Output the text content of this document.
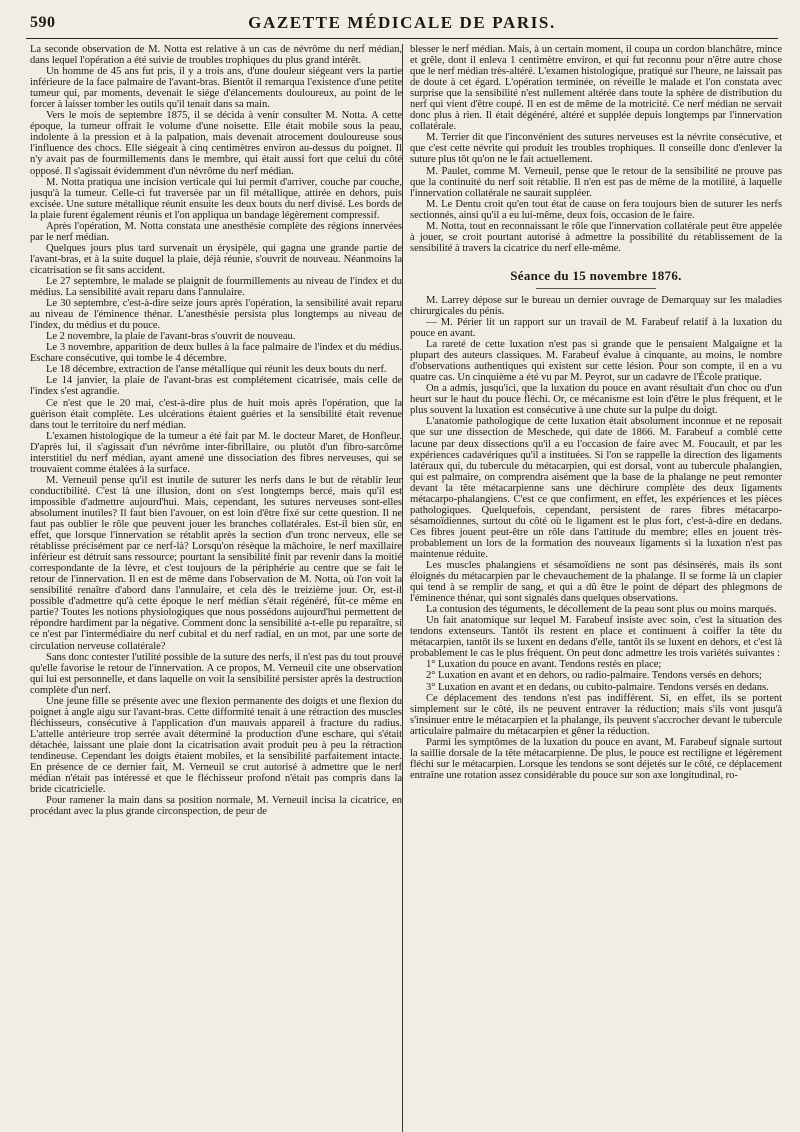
590	GAZETTE MÉDICALE DE PARIS.

La seconde observation de M. Notta est relative à un cas de névrôme du nerf médian, dans lequel l'opération a été suivie de troubles trophiques du plus grand intérêt.

Un homme de 45 ans fut pris, il y a trois ans, d'une douleur siégeant vers la partie inférieure de la face palmaire de l'avant-bras. Bientôt il remarqua l'existence d'une petite tumeur qui, par moments, devenait le siége d'élancements douloureux, au point de le forcer à laisser tomber les outils qu'il tenait dans sa main.

Vers le mois de septembre 1875, il se décida à venir consulter M. Notta. A cette époque, la tumeur offrait le volume d'une noisette. Elle était mobile sous la peau, indolente à la pression et à la palpation, mais devenait atrocement douloureuse sous l'influence des chocs. Elle siégeait à cinq centimètres environ au-dessus du poignet. Il n'y avait pas de fourmillements dans le membre, qui était aussi fort que celui du côté opposé. Il s'agissait évidemment d'un névrôme du nerf médian.

M. Notta pratiqua une incision verticale qui lui permit d'arriver, couche par couche, jusqu'à la tumeur. Celle-ci fut traversée par un fil métallique, attirée en dehors, puis excisée. Une suture métallique réunit ensuite les deux bouts du nerf divisé. Les bords de la plaie furent également réunis et l'on appliqua un bandage légèrement compressif.

Après l'opération, M. Notta constata une anesthésie complète des régions innervées par le nerf médian.

Quelques jours plus tard survenait un érysipèle, qui gagna une grande partie de l'avant-bras, et à la suite duquel la plaie, déjà réunie, s'ouvrit de nouveau. Néanmoins la cicatrisation se fit sans accident.

Le 27 septembre, le malade se plaignit de fourmillements au niveau de l'index et du médius. La sensibilité avait reparu dans l'annulaire.

Le 30 septembre, c'est-à-dire seize jours après l'opération, la sensibilité avait reparu au niveau de l'éminence thénar. L'anesthésie persista plus longtemps au niveau de l'index, du médius et du pouce.

Le 2 novembre, la plaie de l'avant-bras s'ouvrit de nouveau.

Le 3 novembre, apparition de deux bulles à la face palmaire de l'index et du médius. Eschare consécutive, qui tombe le 4 décembre.

Le 18 décembre, extraction de l'anse métallique qui réunit les deux bouts du nerf.

Le 14 janvier, la plaie de l'avant-bras est complétement cicatrisée, mais celle de l'index s'est agrandie.

Ce n'est que le 20 mai, c'est-à-dire plus de huit mois après l'opération, que la guérison était complète. Les ulcérations étaient guéries et la sensibilité était revenue dans tout le territoire du nerf médian.

L'examen histologique de la tumeur a été fait par M. le docteur Maret, de Honfleur. D'après lui, il s'agissait d'un névrôme inter-fibrillaire, ou plutôt d'un fibro-sarcôme interstitiel du nerf médian, ayant amené une dissociation des fibres nerveuses, qui se trouvaient comme étalées à la surface.

M. Verneuil pense qu'il est inutile de suturer les nerfs dans le but de rétablir leur conductibilité. C'est là une illusion, dont on s'est longtemps bercé, mais qu'il est impossible d'admettre aujourd'hui. Mais, cependant, les sutures nerveuses sont-elles absolument inutiles? Il faut bien l'avouer, on est loin d'être fixé sur cette question. Il ne faut pas oublier le rôle que peuvent jouer les branches collatérales. Est-il bien sûr, en effet, que lorsque l'innervation se rétablit après la section d'un tronc nerveux, elle se rétablisse précisément par ce nerf-là? Lorsqu'on résèque la mâchoire, le nerf maxillaire inférieur est détruit sans ressource; pourtant la sensibilité finit par revenir dans la moitié correspondante de la lèvre, et c'est toujours de la périphérie au centre que se fait le retour de l'innervation. Il en est de même dans l'observation de M. Notta, où l'on voit la sensibilité renaître d'abord dans l'annulaire, et cela dès le treizième jour. Or, est-il possible d'admettre qu'à cette époque le nerf médian s'était régénéré, fût-ce même en partie? Toutes les notions physiologiques que nous possédons aujourd'hui permettent de répondre hardiment par la négative. Comment donc la sensibilité a-t-elle pu reparaître, si ce n'est par l'intermédiaire du nerf cubital et du nerf radial, en un mot, par une sorte de circulation nerveuse collatérale?

Sans donc contester l'utilité possible de la suture des nerfs, il n'est pas du tout prouvé qu'elle favorise le retour de l'innervation. A ce propos, M. Verneuil cite une observation qui lui est personnelle, et dans laquelle on voit la sensibilité persister après la destruction complète d'un nerf.

Une jeune fille se présente avec une flexion permanente des doigts et une flexion du poignet à angle aigu sur l'avant-bras. Cette difformité tenait à une rétraction des muscles fléchisseurs, consécutive à l'application d'un mauvais appareil à fracture du radius. L'attelle antérieure trop serrée avait déterminé la production d'une eschare, qui s'était détachée, laissant une plaie dont la cicatrisation avait produit peu à peu la rétraction tendineuse. Cependant les doigts étaient mobiles, et la sensibilité parfaitement intacte. En présence de ce dernier fait, M. Verneuil se crut autorisé à admettre que le nerf médian n'était pas intéressé et que le fléchisseur profond n'était pas compris dans la bride cicatricielle.

Pour ramener la main dans sa position normale, M. Verneuil incisa la cicatrice, en procédant avec la plus grande circonspection, de peur de

blesser le nerf médian. Mais, à un certain moment, il coupa un cordon blanchâtre, mince et grêle, dont il enleva 1 centimètre environ, et qui fut reconnu pour n'être autre chose que le nerf médian très-altéré. L'examen histologique, pratiqué sur l'heure, ne laissait pas de doute à cet égard. L'opération terminée, on réveille le malade et l'on constata avec surprise que la sensibilité n'est nullement altérée dans toute la sphère de distribution du nerf qui vient d'être coupé. Il en est de même de la motricité. Ce nerf médian ne servait donc plus à rien. Il était dégénéré, altéré et supplée depuis longtemps par l'innervation collatérale.

M. Terrier dit que l'inconvénient des sutures nerveuses est la névrite consécutive, et que c'est cette névrite qui produit les troubles trophiques. Il conseille donc d'enlever la suture plus tôt qu'on ne le fait actuellement.

M. Paulet, comme M. Verneuil, pense que le retour de la sensibilité ne prouve pas que la continuité du nerf soit rétablie. Il n'en est pas de même de la motilité, à laquelle l'innervation collatérale ne saurait suppléer.

M. Le Dentu croit qu'en tout état de cause on fera toujours bien de suturer les nerfs sectionnés, ainsi qu'il a eu lui-même, deux fois, occasion de le faire.

M. Notta, tout en reconnaissant le rôle que l'innervation collatérale peut être appelée à jouer, se croit pourtant autorisé à admettre la possibilité du rétablissement de la sensibilité à travers la cicatrice du nerf elle-même.

Séance du 15 novembre 1876.

M. Larrey dépose sur le bureau un dernier ouvrage de Demarquay sur les maladies chirurgicales du pénis.

— M. Périer lit un rapport sur un travail de M. Farabeuf relatif à la luxation du pouce en avant.

La rareté de cette luxation n'est pas si grande que le pensaient Malgaigne et la plupart des auteurs classiques. M. Farabeuf évalue à cinquante, au moins, le nombre d'observations authentiques qui existent sur cette lésion. Pour son compte, il en a vu quatre cas. Un cinquième a été vu par M. Peyrot, sur un cadavre de l'École pratique.

On a admis, jusqu'ici, que la luxation du pouce en avant résultait d'un choc ou d'un heurt sur le haut du pouce fléchi. Or, ce mécanisme est loin d'être le plus fréquent, et le plus souvent la luxation est consécutive à une chute sur la pulpe du doigt.

L'anatomie pathologique de cette luxation était absolument inconnue et ne reposait que sur une dissection de Meschede, qui date de 1866. M. Farabeuf a comblé cette lacune par deux dissections qu'il a eu l'occasion de faire avec M. Foucault, et par les expériences cadavériques qu'il a instituées. Si l'on se rappelle la direction des ligaments latéraux qui, du tubercule du métacarpien, qui est dorsal, vont au tubercule phalangien, qui est palmaire, on comprendra aisément que la base de la phalange ne peut remonter devant la tête métacarpienne sans une déchirure complète des deux ligaments métacarpo-phalangiens. C'est ce que confirment, en effet, les expériences et les pièces pathologiques. Quelquefois, cependant, persistent de rares fibres métacarpo-sésamoïdiennes, surtout du côté où le ligament est le plus fort, c'est-à-dire en dedans. Ces fibres jouent peut-être un rôle dans l'attitude du membre; elles en jouent très-probablement un lors de la formation des nouveaux ligaments si la luxation n'est pas maintenue réduite.

Les muscles phalangiens et sésamoïdiens ne sont pas désinsérés, mais ils sont éloignés du métacarpien par le chevauchement de la phalange. Il se forme là un clapier qui tend à se remplir de sang, et qui a dû être le point de départ des phlegmons de l'éminence thénar, qui sont signalés dans quelques observations.

La contusion des téguments, le décollement de la peau sont plus ou moins marqués.

Un fait anatomique sur lequel M. Farabeuf insiste avec soin, c'est la situation des tendons extenseurs. Tantôt ils restent en place et continuent à coiffer la tête du métacarpien, tantôt ils se luxent en dedans d'elle, tantôt ils se luxent en dehors, et c'est là probablement le cas le plus fréquent. On peut donc admettre les trois variétés suivantes :

1° Luxation du pouce en avant. Tendons restés en place;

2° Luxation en avant et en dehors, ou radio-palmaire. Tendons versés en dehors;

3° Luxation en avant et en dedans, ou cubito-palmaire. Tendons versés en dedans.

Ce déplacement des tendons n'est pas indifférent. Si, en effet, ils se portent simplement sur le côté, ils ne peuvent entraver la réduction; mais s'ils vont jusqu'à s'insinuer entre le métacarpien et la phalange, ils peuvent s'accrocher devant le tubercule articulaire palmaire du métacarpien et gêner la réduction.

Parmi les symptômes de la luxation du pouce en avant, M. Farabeuf signale surtout la saillie dorsale de la tête métacarpienne. De plus, le pouce est rectiligne et légèrement fléchi sur le métacarpien. Lorsque les tendons se sont déjetés sur le côté, ce déplacement entraîne une rotation assez considérable du pouce sur son axe longitudinal, ro-
